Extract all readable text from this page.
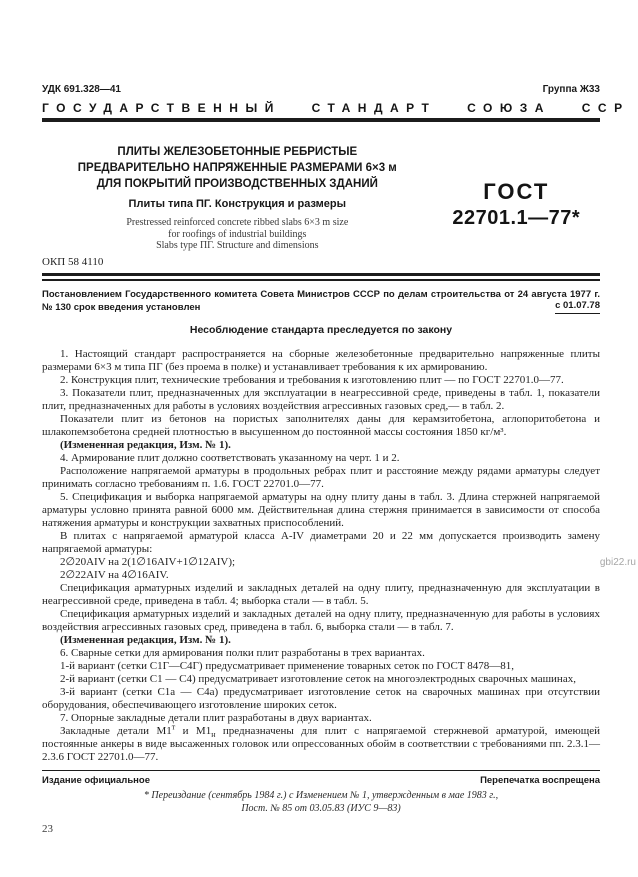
УДК 691.328—41	Группа Ж33
ГОСУДАРСТВЕННЫЙ СТАНДАРТ СОЮЗА ССР
ПЛИТЫ ЖЕЛЕЗОБЕТОННЫЕ РЕБРИСТЫЕ
ПРЕДВАРИТЕЛЬНО НАПРЯЖЕННЫЕ РАЗМЕРАМИ 6×3 м
ДЛЯ ПОКРЫТИЙ ПРОИЗВОДСТВЕННЫХ ЗДАНИЙ
Плиты типа ПГ. Конструкция и размеры
Prestressed reinforced concrete ribbed slabs 6×3 m size
for roofings of industrial buildings
Slabs type ПГ. Structure and dimensions
ГОСТ
22701.1—77*
ОКП 58 4110
Постановлением Государственного комитета Совета Министров СССР по делам строительства от 24 августа 1977 г. № 130 срок введения установлен	с 01.07.78
Несоблюдение стандарта преследуется по закону

1. Настоящий стандарт распространяется на сборные железобетонные предварительно напряженные плиты размерами 6×3 м типа ПГ (без проема в полке) и устанавливает требования к их армированию.

2. Конструкция плит, технические требования и требования к изготовлению плит — по ГОСТ 22701.0—77.

3. Показатели плит, предназначенных для эксплуатации в неагрессивной среде, приведены в табл. 1, показатели плит, предназначенных для работы в условиях воздействия агрессивных газовых сред,— в табл. 2.

Показатели плит из бетонов на пористых заполнителях даны для керамзитобетона, аглопоритобетона и шлакопемзобетона средней плотностью в высушенном до постоянной массы состояния 1850 кг/м³.

(Измененная редакция, Изм. № 1).

4. Армирование плит должно соответствовать указанному на черт. 1 и 2.

Расположение напрягаемой арматуры в продольных ребрах плит и расстояние между рядами арматуры следует принимать согласно требованиям п. 1.6. ГОСТ 22701.0—77.

5. Спецификация и выборка напрягаемой арматуры на одну плиту даны в табл. 3. Длина стержней напрягаемой арматуры условно принята равной 6000 мм. Действительная длина стержня принимается в зависимости от способа натяжения арматуры и конструкции захватных приспособлений.

В плитах с напрягаемой арматурой класса A-IV диаметрами 20 и 22 мм допускается производить замену напрягаемой арматуры:

2∅20AIV на 2(1∅16AIV+1∅12AIV);

2∅22AIV на 4∅16AIV.

Спецификация арматурных изделий и закладных деталей на одну плиту, предназначенную для эксплуатации в неагрессивной среде, приведена в табл. 4; выборка стали — в табл. 5.

Спецификация арматурных изделий и закладных деталей на одну плиту, предназначенную для работы в условиях воздействия агрессивных газовых сред, приведена в табл. 6, выборка стали — в табл. 7.

(Измененная редакция, Изм. № 1).

6. Сварные сетки для армирования полки плит разработаны в трех вариантах.

1-й вариант (сетки С1Г—С4Г) предусматривает применение товарных сеток по ГОСТ 8478—81,

2-й вариант (сетки С1 — С4) предусматривает изготовление сеток на многоэлектродных сварочных машинах,

3-й вариант (сетки С1а — С4а) предусматривает изготовление сеток на сварочных машинах при отсутствии оборудования, обеспечивающего изготовление широких сеток.

7. Опорные закладные детали плит разработаны в двух вариантах.

Закладные детали $М1^т$ и $М1_н$ предназначены для плит с напрягаемой стержневой арматурой, имеющей постоянные анкеры в виде высаженных головок или опрессованных обойм в соответствии с требованиями пп. 2.3.1—2.3.6 ГОСТ 22701.0—77.

Издание официальное	Перепечатка воспрещена
* Переиздание (сентябрь 1984 г.) с Изменением № 1, утвержденным в мае 1983 г.,
Пост. № 85 от 03.05.83 (ИУС 9—83)
23
gbi22.ru
